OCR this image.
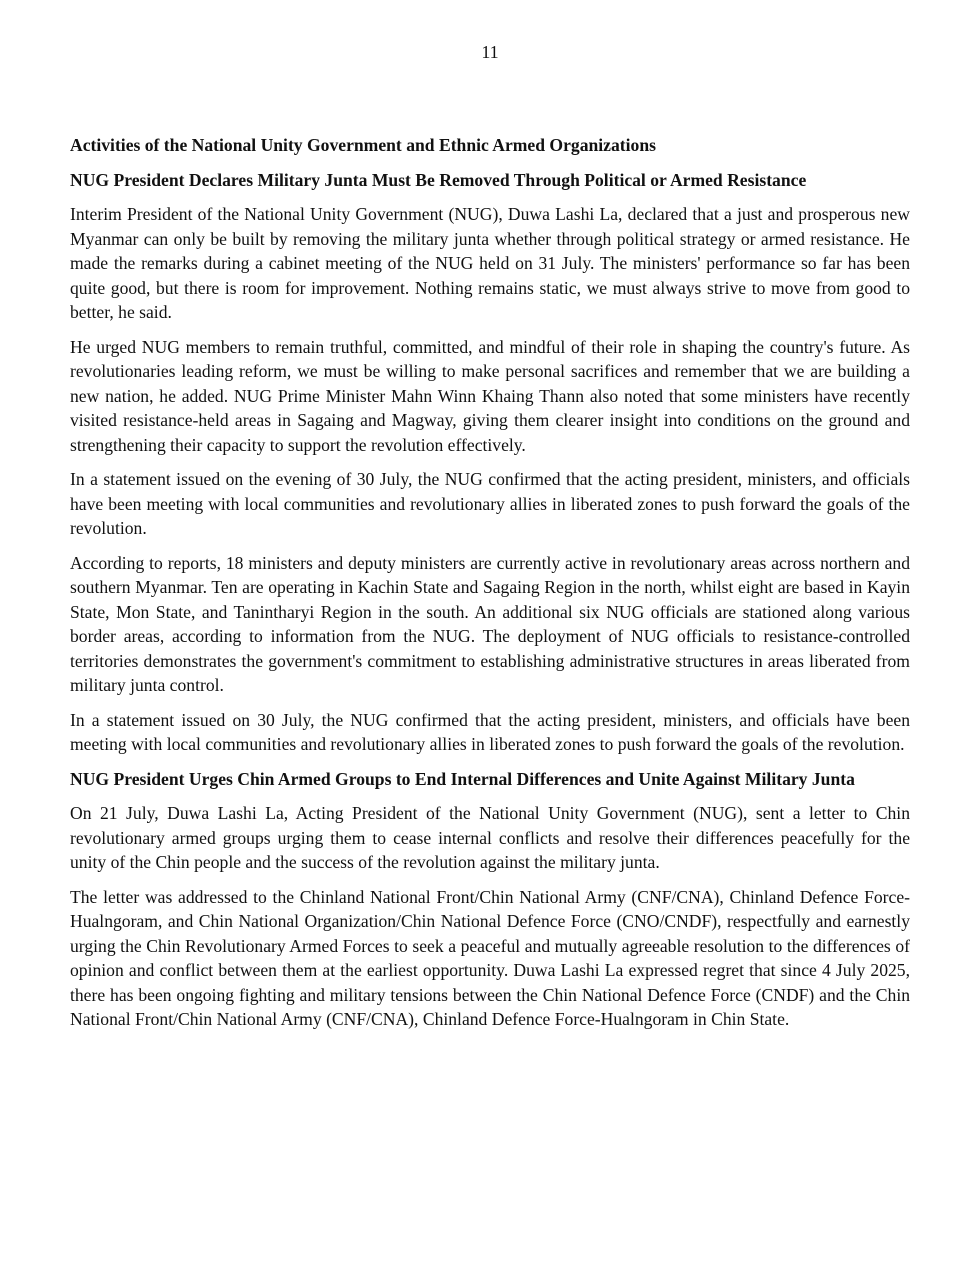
11
Activities of the National Unity Government and Ethnic Armed Organizations
NUG President Declares Military Junta Must Be Removed Through Political or Armed Resistance

Interim President of the National Unity Government (NUG), Duwa Lashi La, declared that a just and prosperous new Myanmar can only be built by removing the military junta whether through political strategy or armed resistance. He made the remarks during a cabinet meeting of the NUG held on 31 July. The ministers' performance so far has been quite good, but there is room for improvement. Nothing remains static, we must always strive to move from good to better, he said.

He urged NUG members to remain truthful, committed, and mindful of their role in shaping the country's future. As revolutionaries leading reform, we must be willing to make personal sacrifices and remember that we are building a new nation, he added. NUG Prime Minister Mahn Winn Khaing Thann also noted that some ministers have recently visited resistance-held areas in Sagaing and Magway, giving them clearer insight into conditions on the ground and strengthening their capacity to support the revolution effectively.

In a statement issued on the evening of 30 July, the NUG confirmed that the acting president, ministers, and officials have been meeting with local communities and revolutionary allies in liberated zones to push forward the goals of the revolution.

According to reports, 18 ministers and deputy ministers are currently active in revolutionary areas across northern and southern Myanmar. Ten are operating in Kachin State and Sagaing Region in the north, whilst eight are based in Kayin State, Mon State, and Tanintharyi Region in the south. An additional six NUG officials are stationed along various border areas, according to information from the NUG. The deployment of NUG officials to resistance-controlled territories demonstrates the government's commitment to establishing administrative structures in areas liberated from military junta control.

In a statement issued on 30 July, the NUG confirmed that the acting president, ministers, and officials have been meeting with local communities and revolutionary allies in liberated zones to push forward the goals of the revolution.

NUG President Urges Chin Armed Groups to End Internal Differences and Unite Against Military Junta

On 21 July, Duwa Lashi La, Acting President of the National Unity Government (NUG), sent a letter to Chin revolutionary armed groups urging them to cease internal conflicts and resolve their differences peacefully for the unity of the Chin people and the success of the revolution against the military junta.

The letter was addressed to the Chinland National Front/Chin National Army (CNF/CNA), Chinland Defence Force-Hualngoram, and Chin National Organization/Chin National Defence Force (CNO/CNDF), respectfully and earnestly urging the Chin Revolutionary Armed Forces to seek a peaceful and mutually agreeable resolution to the differences of opinion and conflict between them at the earliest opportunity. Duwa Lashi La expressed regret that since 4 July 2025, there has been ongoing fighting and military tensions between the Chin National Defence Force (CNDF) and the Chin National Front/Chin National Army (CNF/CNA), Chinland Defence Force-Hualngoram in Chin State.
